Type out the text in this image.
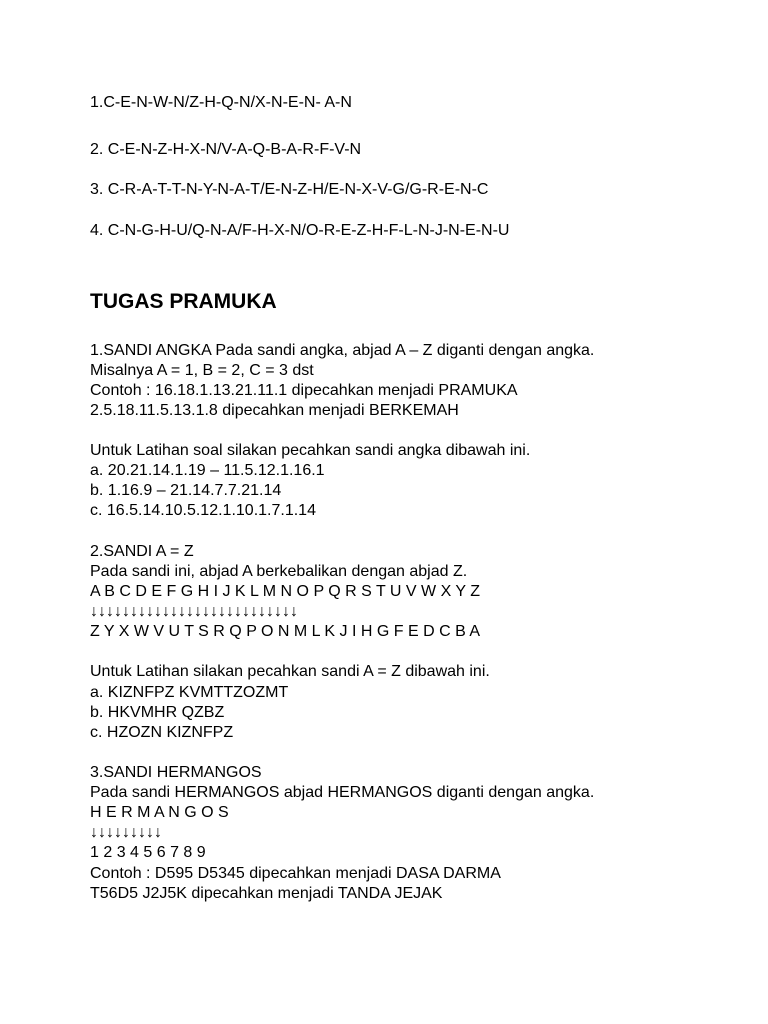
1.C-E-N-W-N/Z-H-Q-N/X-N-E-N- A-N
2. C-E-N-Z-H-X-N/V-A-Q-B-A-R-F-V-N
3. C-R-A-T-T-N-Y-N-A-T/E-N-Z-H/E-N-X-V-G/G-R-E-N-C
4. C-N-G-H-U/Q-N-A/F-H-X-N/O-R-E-Z-H-F-L-N-J-N-E-N-U
TUGAS PRAMUKA
1.SANDI ANGKA Pada sandi angka, abjad A – Z diganti dengan angka.
Misalnya A = 1, B = 2, C = 3 dst
Contoh : 16.18.1.13.21.11.1 dipecahkan menjadi PRAMUKA
2.5.18.11.5.13.1.8 dipecahkan menjadi BERKEMAH
Untuk Latihan soal silakan pecahkan sandi angka dibawah ini.
a. 20.21.14.1.19 – 11.5.12.1.16.1
b. 1.16.9 – 21.14.7.7.21.14
c. 16.5.14.10.5.12.1.10.1.7.1.14
2.SANDI A = Z
Pada sandi ini, abjad A berkebalikan dengan abjad Z.
A B C D E F G H I J K L M N O P Q R S T U V W X Y Z
↓↓↓↓↓↓↓↓↓↓↓↓↓↓↓↓↓↓↓↓↓↓↓↓↓↓
Z Y X W V U T S R Q P O N M L K J I H G F E D C B A
Untuk Latihan silakan pecahkan sandi A = Z dibawah ini.
a. KIZNFPZ KVMTTZOZMT
b. HKVMHR QZBZ
c. HZOZN KIZNFPZ
3.SANDI HERMANGOS
Pada sandi HERMANGOS abjad HERMANGOS diganti dengan angka.
H E R M A N G O S
↓↓↓↓↓↓↓↓↓
1 2 3 4 5 6 7 8 9
Contoh : D595 D5345 dipecahkan menjadi DASA DARMA
T56D5 J2J5K dipecahkan menjadi TANDA JEJAK
